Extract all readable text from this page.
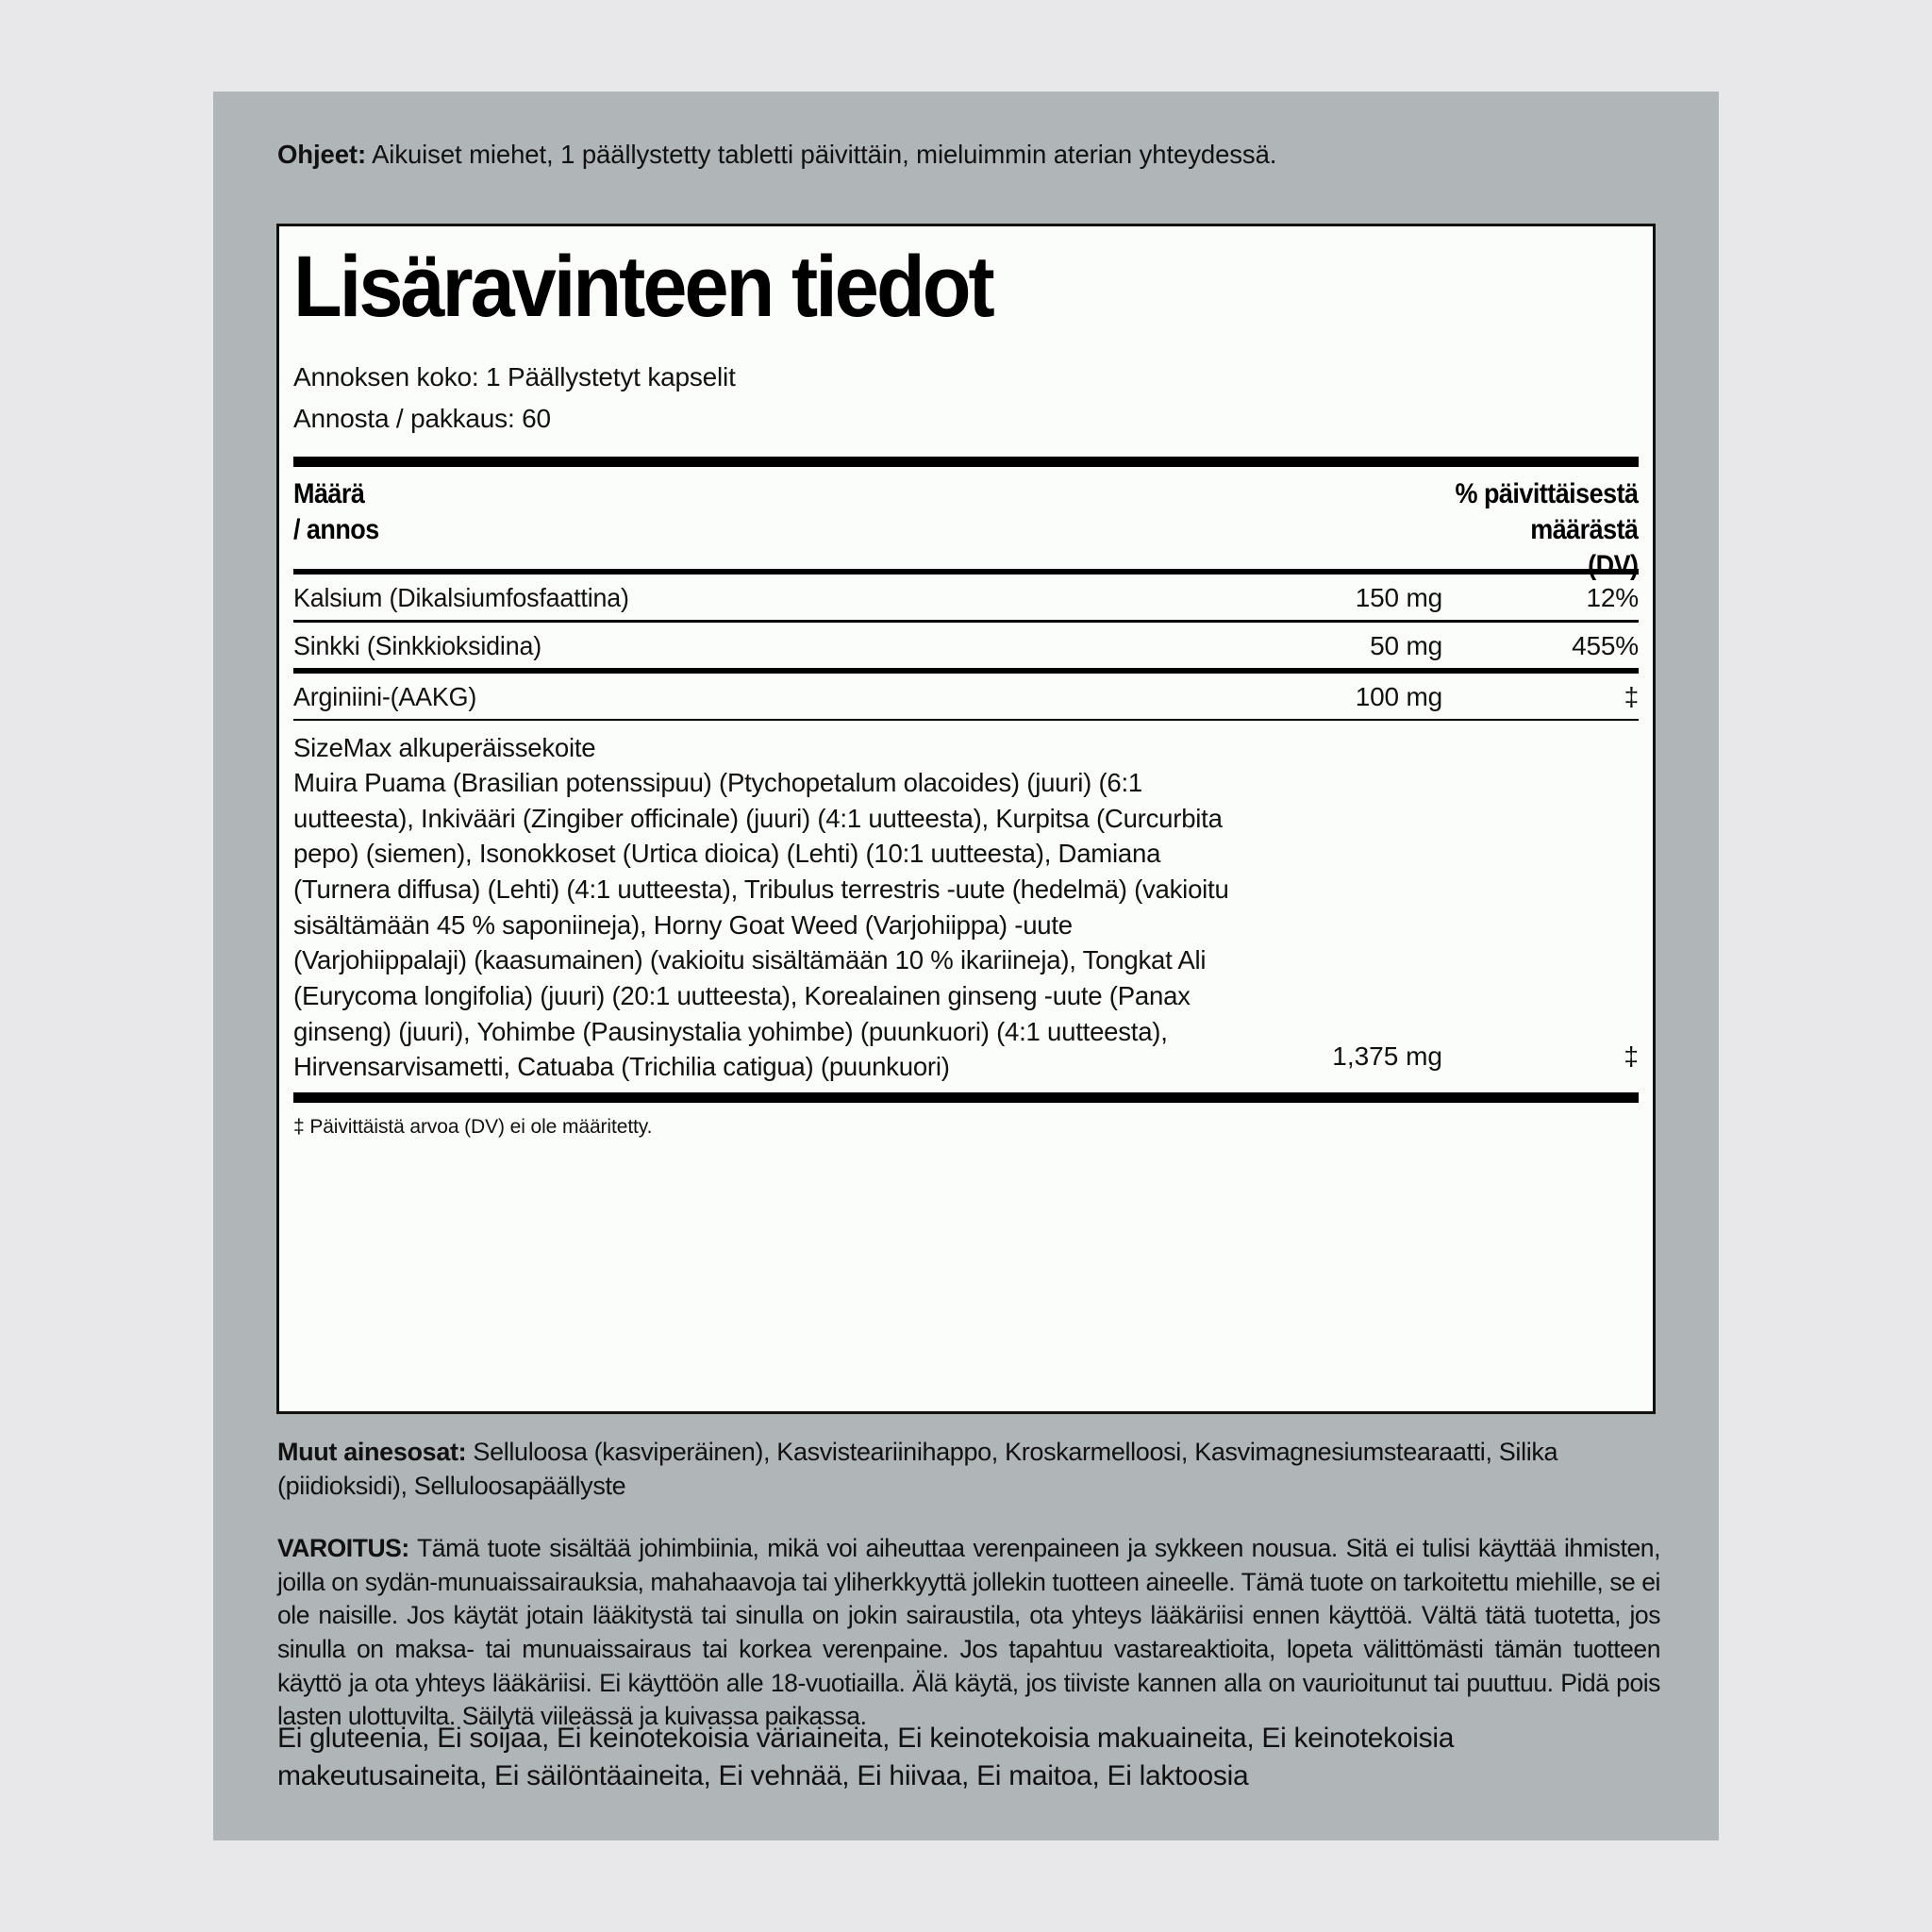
Ohjeet: Aikuiset miehet, 1 päällystetty tabletti päivittäin, mieluimmin aterian yhteydessä.
Lisäravinteen tiedot
Annoksen koko: 1 Päällystetyt kapselit
Annosta / pakkaus: 60
Määrä
/ annos
% päivittäisestä
määrästä
(DV)
Kalsium (Dikalsiumfosfaattina)	150 mg	12%
Sinkki (Sinkkioksidina)	50 mg	455%
Arginiini-(AAKG)	100 mg	‡
SizeMax alkuperäissekoite
Muira Puama (Brasilian potenssipuu) (Ptychopetalum olacoides) (juuri) (6:1 uutteesta), Inkivääri (Zingiber officinale) (juuri) (4:1 uutteesta), Kurpitsa (Curcurbita pepo) (siemen), Isonokkoset (Urtica dioica) (Lehti) (10:1 uutteesta), Damiana (Turnera diffusa) (Lehti) (4:1 uutteesta), Tribulus terrestris -uute (hedelmä) (vakioitu sisältämään 45 % saponiineja), Horny Goat Weed (Varjohiippa) -uute (Varjohiippalaji) (kaasumainen) (vakioitu sisältämään 10 % ikariineja), Tongkat Ali (Eurycoma longifolia) (juuri) (20:1 uutteesta), Korealainen ginseng -uute (Panax ginseng) (juuri), Yohimbe (Pausinystalia yohimbe) (puunkuori) (4:1 uutteesta), Hirvensarvisametti, Catuaba (Trichilia catigua) (puunkuori)	1,375 mg	‡
‡ Päivittäistä arvoa (DV) ei ole määritetty.
Muut ainesosat: Selluloosa (kasviperäinen), Kasvisteariinihappo, Kroskarmelloosi, Kasvimagnesiumstearaatti, Silika (piidioksidi), Selluloosapäällyste
VAROITUS: Tämä tuote sisältää johimbiinia, mikä voi aiheuttaa verenpaineen ja sykkeen nousua. Sitä ei tulisi käyttää ihmisten, joilla on sydän-munuaissairauksia, mahahaavoja tai yliherkkyyttä jollekin tuotteen aineelle. Tämä tuote on tarkoitettu miehille, se ei ole naisille. Jos käytät jotain lääkitystä tai sinulla on jokin sairaustila, ota yhteys lääkäriisi ennen käyttöä. Vältä tätä tuotetta, jos sinulla on maksa- tai munuaissairaus tai korkea verenpaine. Jos tapahtuu vastareaktioita, lopeta välittömästi tämän tuotteen käyttö ja ota yhteys lääkäriisi. Ei käyttöön alle 18-vuotiailla. Älä käytä, jos tiiviste kannen alla on vaurioitunut tai puuttuu. Pidä pois lasten ulottuvilta. Säilytä viileässä ja kuivassa paikassa.
Ei gluteenia, Ei soijaa, Ei keinotekoisia väriaineita, Ei keinotekoisia makuaineita, Ei keinotekoisia makeutusaineita, Ei säilöntäaineita, Ei vehnää, Ei hiivaa, Ei maitoa, Ei laktoosia
